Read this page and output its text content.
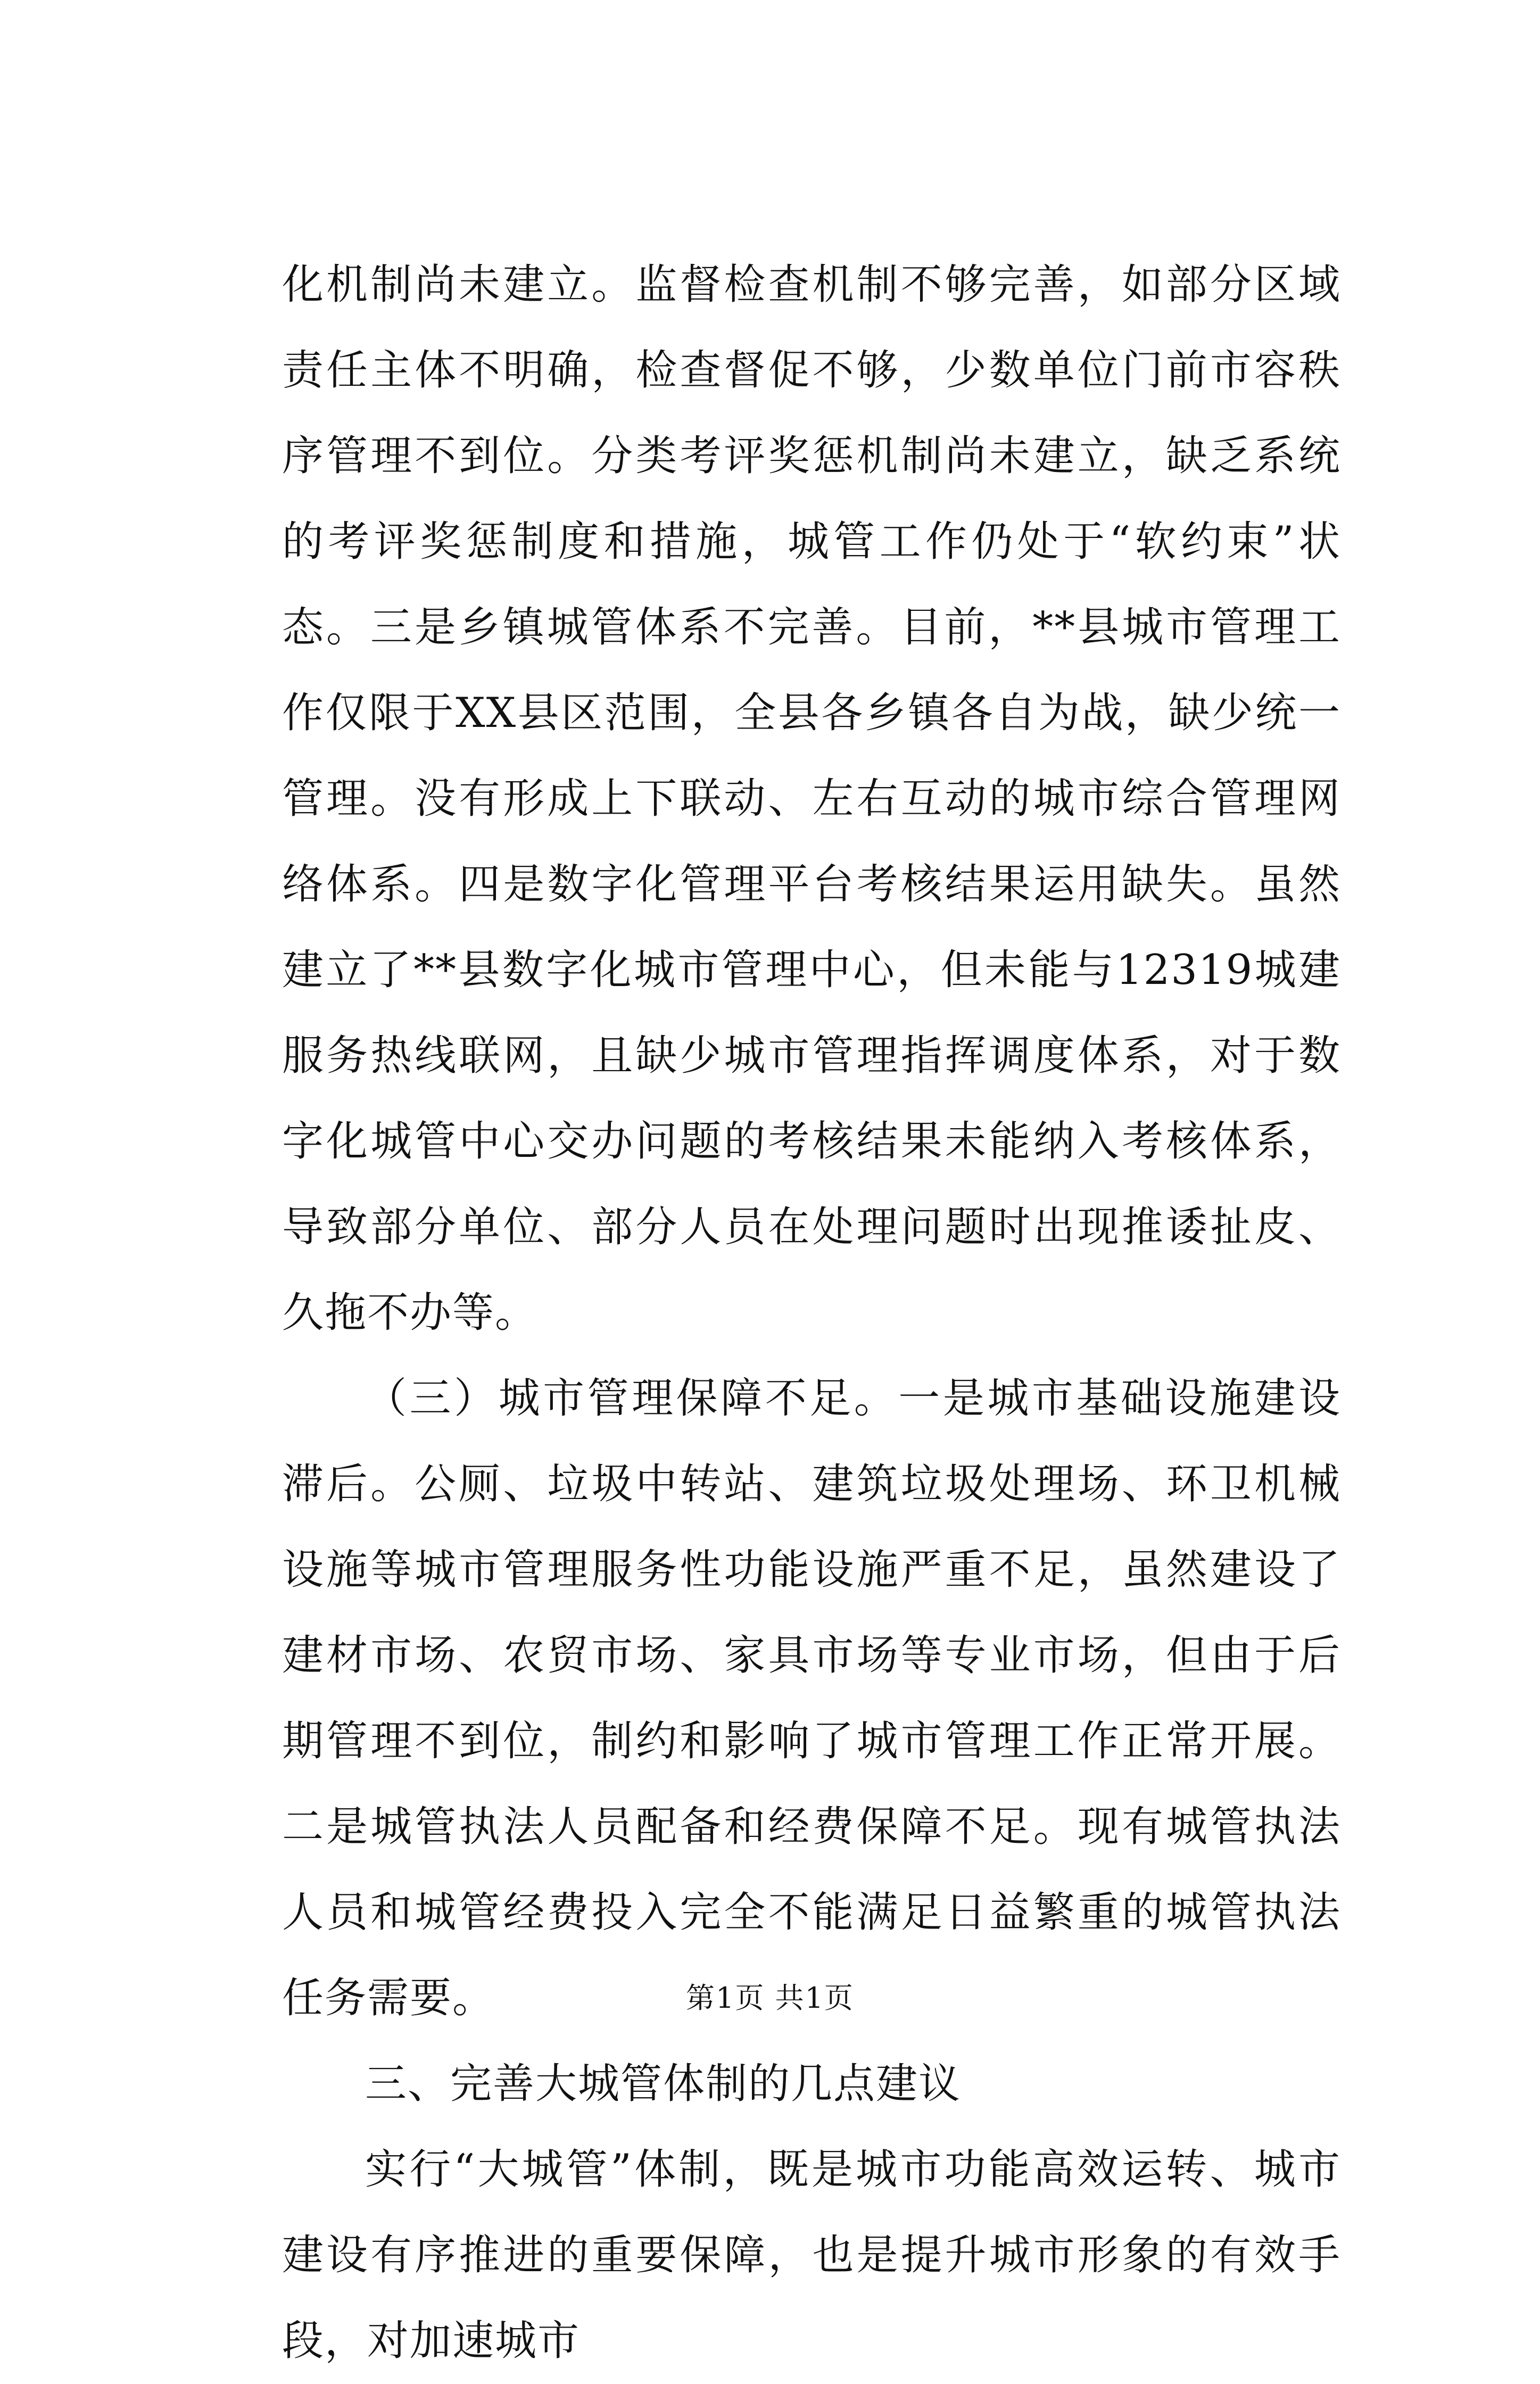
化机制尚未建立。监督检查机制不够完善，如部分区域责任主体不明确，检查督促不够，少数单位门前市容秩序管理不到位。分类考评奖惩机制尚未建立，缺乏系统的考评奖惩制度和措施，城管工作仍处于“软约束”状态。三是乡镇城管体系不完善。目前，**县城市管理工作仅限于XX县区范围，全县各乡镇各自为战，缺少统一管理。没有形成上下联动、左右互动的城市综合管理网络体系。四是数字化管理平台考核结果运用缺失。虽然建立了**县数字化城市管理中心，但未能与12319城建服务热线联网，且缺少城市管理指挥调度体系，对于数字化城管中心交办问题的考核结果未能纳入考核体系，导致部分单位、部分人员在处理问题时出现推诿扯皮、久拖不办等。

（三）城市管理保障不足。一是城市基础设施建设滞后。公厕、垃圾中转站、建筑垃圾处理场、环卫机械设施等城市管理服务性功能设施严重不足，虽然建设了建材市场、农贸市场、家具市场等专业市场，但由于后期管理不到位，制约和影响了城市管理工作正常开展。二是城管执法人员配备和经费保障不足。现有城管执法人员和城管经费投入完全不能满足日益繁重的城管执法任务需要。

三、完善大城管体制的几点建议

实行“大城管”体制，既是城市功能高效运转、城市建设有序推进的重要保障，也是提升城市形象的有效手段，对加速城市

第1页 共1页
